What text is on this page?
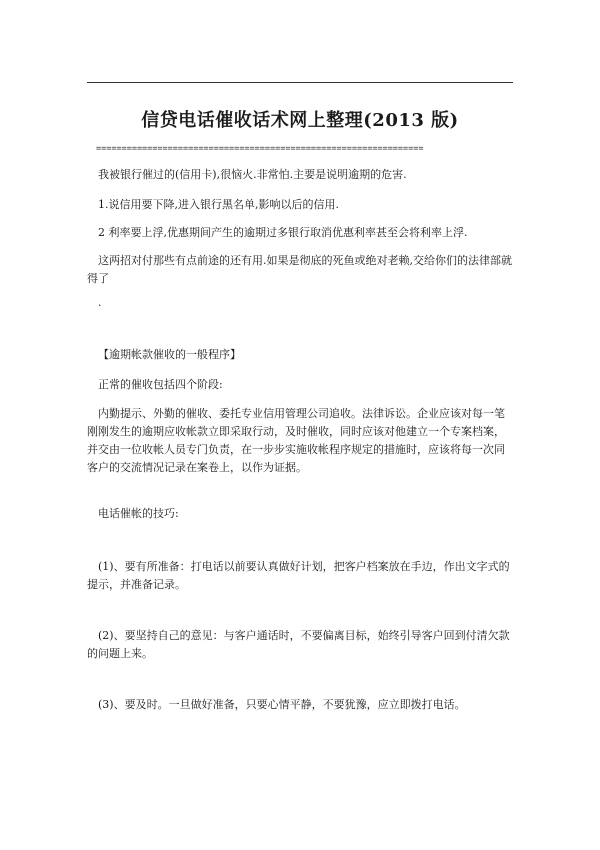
信贷电话催收话术网上整理(2013 版)
================================================================

我被银行催过的(信用卡),很恼火.非常怕.主要是说明逾期的危害.

1.说信用要下降,进入银行黑名单,影响以后的信用.

2 利率要上浮,优惠期间产生的逾期过多银行取消优惠利率甚至会将利率上浮.

这两招对付那些有点前途的还有用.如果是彻底的死鱼或绝对老赖,交给你们的法律部就得了

.

【逾期帐款催收的一般程序】

正常的催收包括四个阶段:

内勤提示、外勤的催收、委托专业信用管理公司追收。法律诉讼。企业应该对每一笔刚刚发生的逾期应收帐款立即采取行动，及时催收，同时应该对他建立一个专案档案，并交由一位收帐人员专门负责，在一步步实施收帐程序规定的措施时，应该将每一次同客户的交流情况记录在案卷上，以作为证据。

电话催帐的技巧:

(1)、要有所准备：打电话以前要认真做好计划，把客户档案放在手边，作出文字式的提示，并准备记录。

(2)、要坚持自己的意见：与客户通话时，不要偏离目标，始终引导客户回到付清欠款的问题上来。

(3)、要及时。一旦做好准备，只要心情平静，不要犹豫，应立即拨打电话。
